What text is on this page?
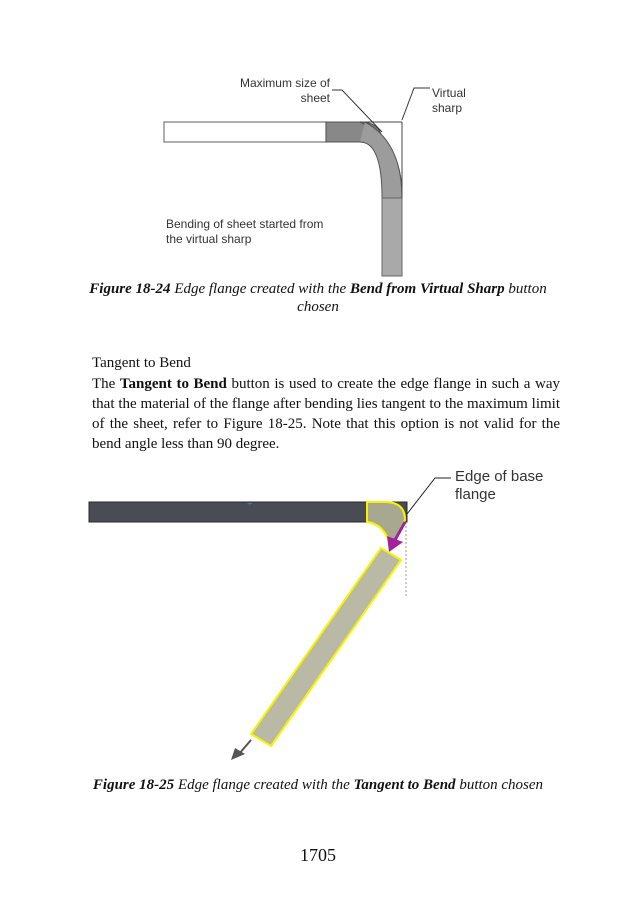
Maximum size of
sheet	Virtual
sharp
Bending of sheet started from
the virtual sharp
Figure 18-24 Edge flange created with the Bend from Virtual Sharp button chosen
Tangent to Bend

The Tangent to Bend button is used to create the edge flange in such a way that the material of the flange after bending lies tangent to the maximum limit of the sheet, refer to Figure 18-25. Note that this option is not valid for the bend angle less than 90 degree.

+
Edge of base
flange
Figure 18-25 Edge flange created with the Tangent to Bend button chosen
1705
